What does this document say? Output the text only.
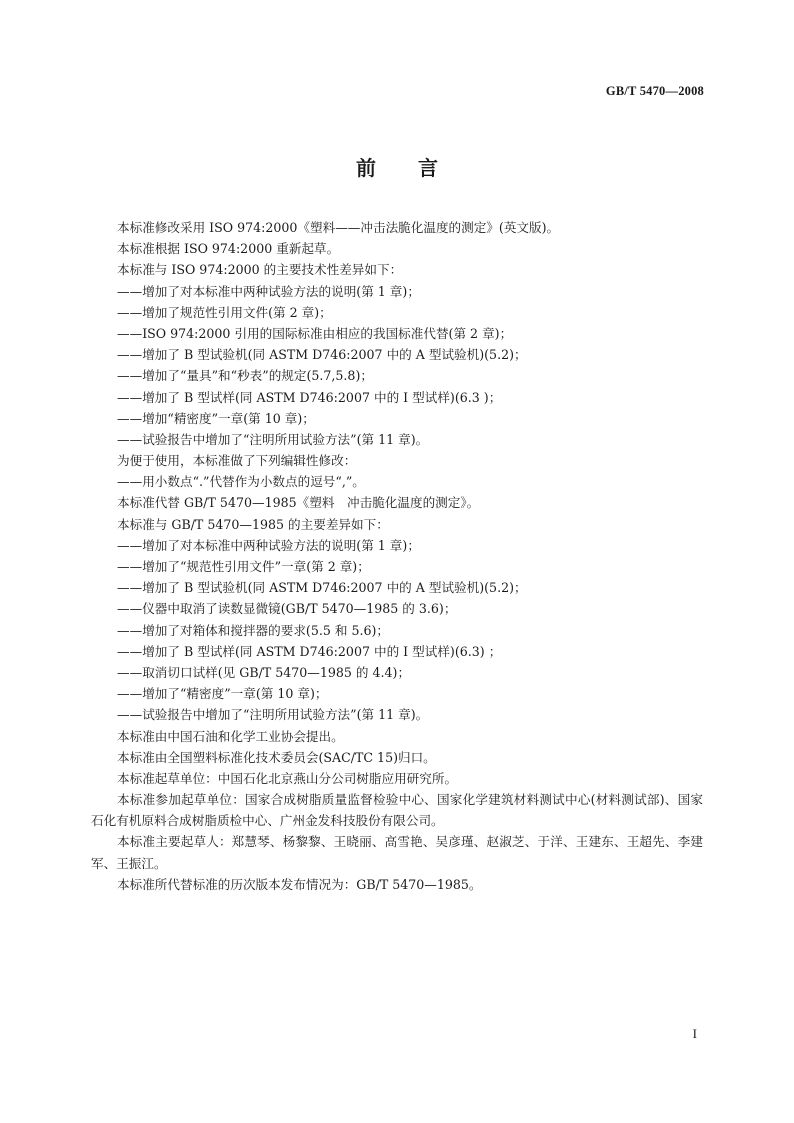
GB/T 5470—2008
前 言
本标准修改采用 ISO 974:2000《塑料——冲击法脆化温度的测定》(英文版)。
本标准根据 ISO 974:2000 重新起草。
本标准与 ISO 974:2000 的主要技术性差异如下：
——增加了对本标准中两种试验方法的说明(第 1 章)；
——增加了规范性引用文件(第 2 章)；
——ISO 974:2000 引用的国际标准由相应的我国标准代替(第 2 章)；
——增加了 B 型试验机(同 ASTM D746:2007 中的 A 型试验机)(5.2)；
——增加了“量具”和“秒表”的规定(5.7,5.8)；
——增加了 B 型试样(同 ASTM D746:2007 中的 Ⅰ 型试样)(6.3 )；
——增加“精密度”一章(第 10 章)；
——试验报告中增加了“注明所用试验方法”(第 11 章)。
为便于使用，本标准做了下列编辑性修改：
——用小数点“.”代替作为小数点的逗号“,”。
本标准代替 GB/T 5470—1985《塑料　冲击脆化温度的测定》。
本标准与 GB/T 5470—1985 的主要差异如下：
——增加了对本标准中两种试验方法的说明(第 1 章)；
——增加了“规范性引用文件”一章(第 2 章)；
——增加了 B 型试验机(同 ASTM D746:2007 中的 A 型试验机)(5.2)；
——仪器中取消了读数显微镜(GB/T 5470—1985 的 3.6)；
——增加了对箱体和搅拌器的要求(5.5 和 5.6)；
——增加了 B 型试样(同 ASTM D746:2007 中的 Ⅰ 型试样)(6.3) ；
——取消切口试样(见 GB/T 5470—1985 的 4.4)；
——增加了“精密度”一章(第 10 章)；
——试验报告中增加了“注明所用试验方法”(第 11 章)。
本标准由中国石油和化学工业协会提出。
本标准由全国塑料标准化技术委员会(SAC/TC 15)归口。
本标准起草单位：中国石化北京燕山分公司树脂应用研究所。
本标准参加起草单位：国家合成树脂质量监督检验中心、国家化学建筑材料测试中心(材料测试部)、国家石化有机原料合成树脂质检中心、广州金发科技股份有限公司。
本标准主要起草人：郑慧琴、杨黎黎、王晓丽、高雪艳、吴彦瑾、赵淑芝、于洋、王建东、王超先、李建军、王振江。
本标准所代替标准的历次版本发布情况为：GB/T 5470—1985。
I
